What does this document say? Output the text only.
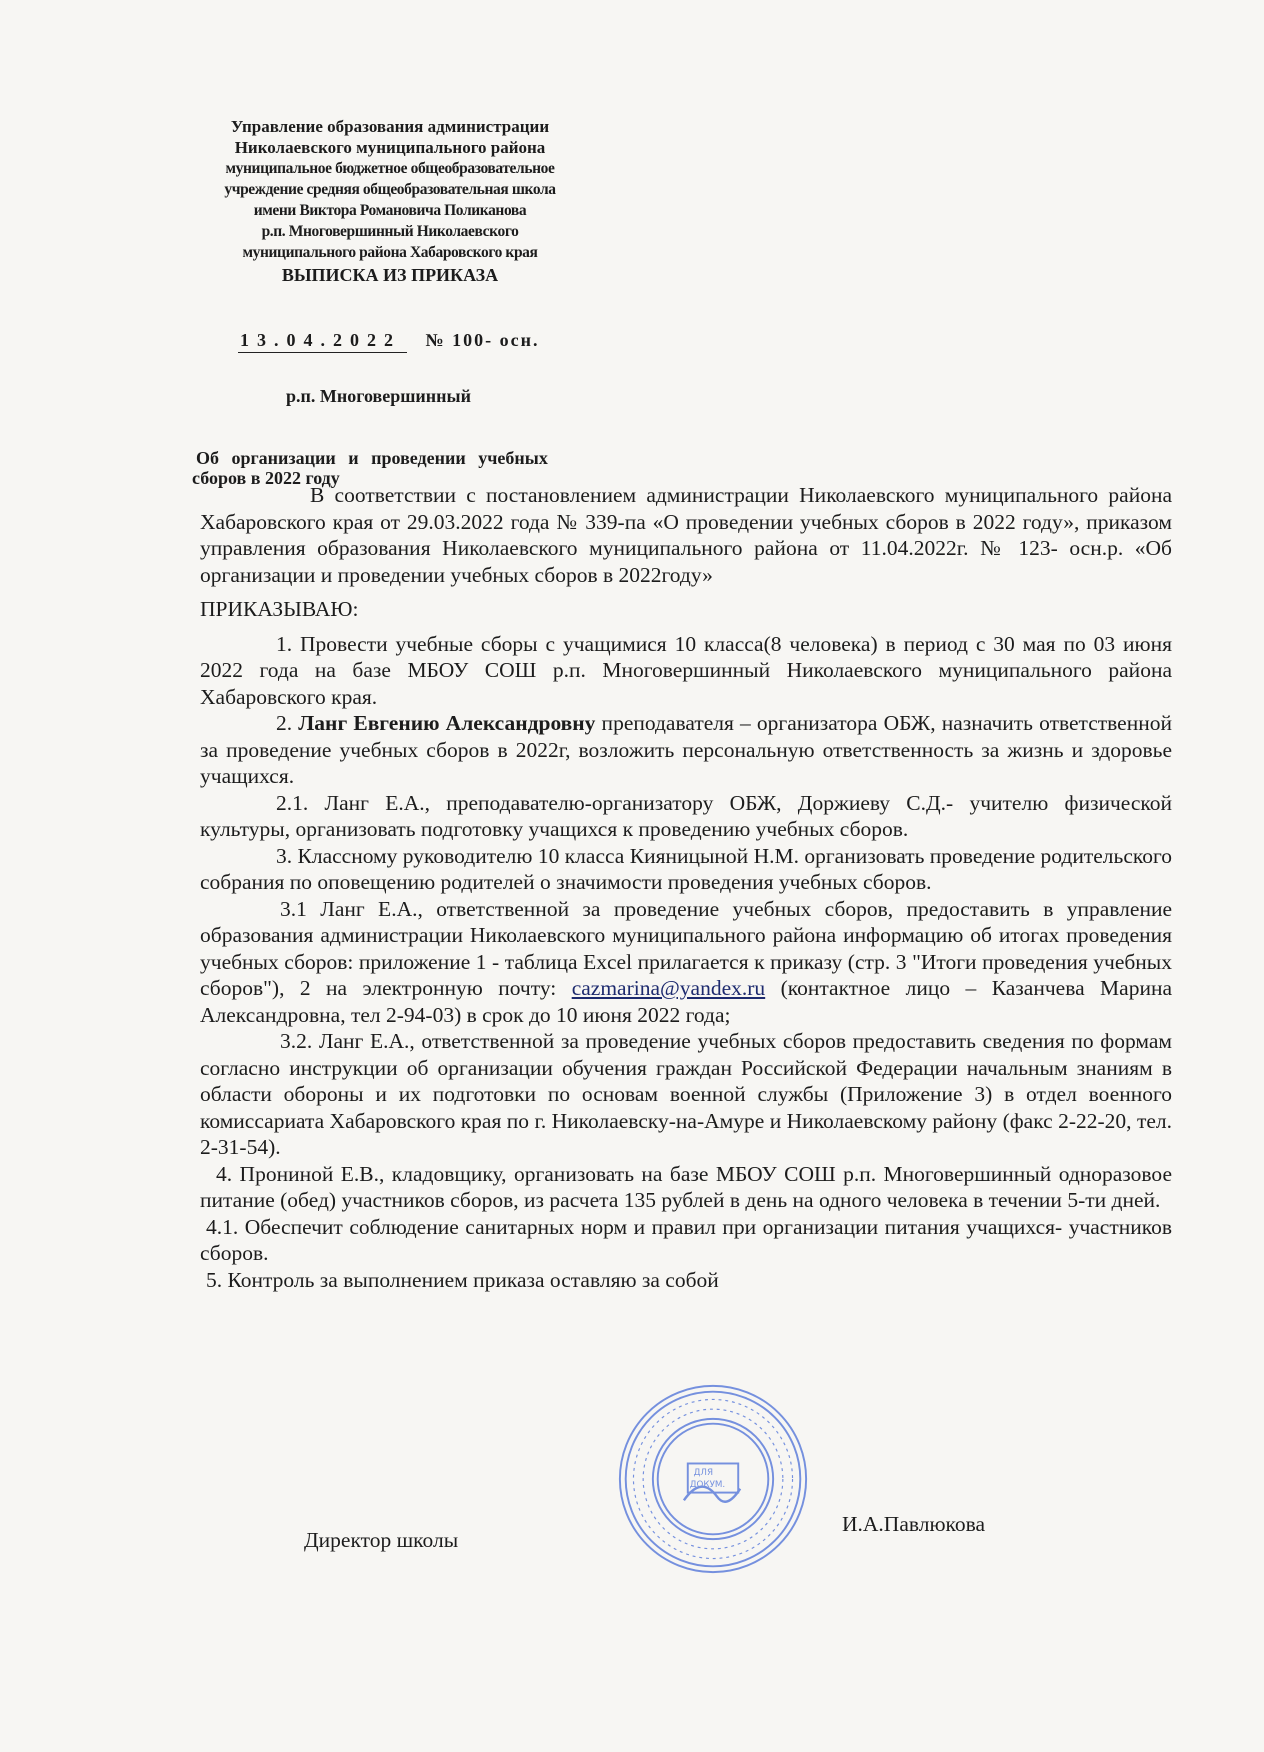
Управление образования администрации
Николаевского муниципального района
муниципальное бюджетное общеобразовательное
учреждение средняя общеобразовательная школа
имени Виктора Романовича Поликанова
р.п. Многовершинный Николаевского
муниципального района Хабаровского края
ВЫПИСКА ИЗ ПРИКАЗА
13.04.2022 № 100- осн.
р.п. Многовершинный
Об организации и проведении учебных
сборов в 2022 году

В соответствии с постановлением администрации Николаевского муниципального района Хабаровского края от 29.03.2022 года № 339-па «О проведении учебных сборов в 2022 году», приказом управления образования Николаевского муниципального района от 11.04.2022г. № 123- осн.р. «Об организации и проведении учебных сборов в 2022году»

ПРИКАЗЫВАЮ:

1. Провести учебные сборы с учащимися 10 класса(8 человека) в период с 30 мая по 03 июня 2022 года на базе МБОУ СОШ р.п. Многовершинный Николаевского муниципального района Хабаровского края.

2. Ланг Евгению Александровну преподавателя – организатора ОБЖ, назначить ответственной за проведение учебных сборов в 2022г, возложить персональную ответственность за жизнь и здоровье учащихся.

2.1. Ланг Е.А., преподавателю-организатору ОБЖ, Доржиеву С.Д.- учителю физической культуры, организовать подготовку учащихся к проведению учебных сборов.

3. Классному руководителю 10 класса Кияницыной Н.М. организовать проведение родительского собрания по оповещению родителей о значимости проведения учебных сборов.

3.1 Ланг Е.А., ответственной за проведение учебных сборов, предоставить в управление образования администрации Николаевского муниципального района информацию об итогах проведения учебных сборов: приложение 1 - таблица Excel прилагается к приказу (стр. 3 "Итоги проведения учебных сборов"), 2 на электронную почту: cazmarina@yandex.ru (контактное лицо – Казанчева Марина Александровна, тел 2-94-03) в срок до 10 июня 2022 года;

3.2. Ланг Е.А., ответственной за проведение учебных сборов предоставить сведения по формам согласно инструкции об организации обучения граждан Российской Федерации начальным знаниям в области обороны и их подготовки по основам военной службы (Приложение 3) в отдел военного комиссариата Хабаровского края по г. Николаевску-на-Амуре и Николаевскому району (факс 2-22-20, тел. 2-31-54).

4. Прониной Е.В., кладовщику, организовать на базе МБОУ СОШ р.п. Многовершинный одноразовое питание (обед) участников сборов, из расчета 135 рублей в день на одного человека в течении 5-ти дней.

4.1. Обеспечит соблюдение санитарных норм и правил при организации питания учащихся- участников сборов.

5. Контроль за выполнением приказа оставляю за собой

ДЛЯ
ДОКУМ.
Директор школы
И.А.Павлюкова
